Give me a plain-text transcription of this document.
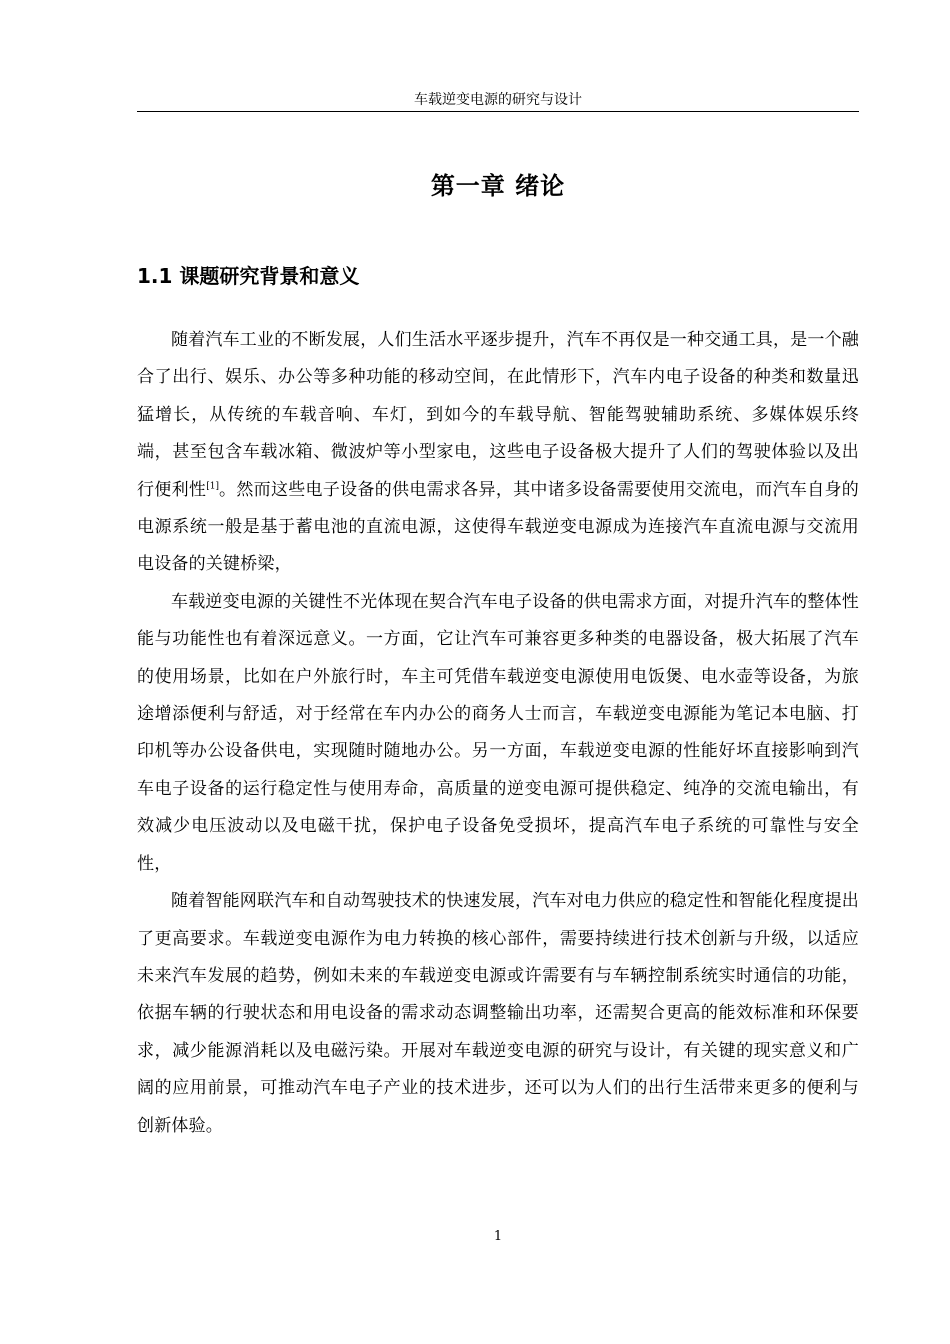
车载逆变电源的研究与设计
第一章 绪论
1.1 课题研究背景和意义

随着汽车工业的不断发展，人们生活水平逐步提升，汽车不再仅是一种交通工具，是一个融合了出行、娱乐、办公等多种功能的移动空间，在此情形下，汽车内电子设备的种类和数量迅猛增长，从传统的车载音响、车灯，到如今的车载导航、智能驾驶辅助系统、多媒体娱乐终端，甚至包含车载冰箱、微波炉等小型家电，这些电子设备极大提升了人们的驾驶体验以及出行便利性[1]。然而这些电子设备的供电需求各异，其中诸多设备需要使用交流电，而汽车自身的电源系统一般是基于蓄电池的直流电源，这使得车载逆变电源成为连接汽车直流电源与交流用电设备的关键桥梁，

车载逆变电源的关键性不光体现在契合汽车电子设备的供电需求方面，对提升汽车的整体性能与功能性也有着深远意义。一方面，它让汽车可兼容更多种类的电器设备，极大拓展了汽车的使用场景，比如在户外旅行时，车主可凭借车载逆变电源使用电饭煲、电水壶等设备，为旅途增添便利与舒适，对于经常在车内办公的商务人士而言，车载逆变电源能为笔记本电脑、打印机等办公设备供电，实现随时随地办公。另一方面，车载逆变电源的性能好坏直接影响到汽车电子设备的运行稳定性与使用寿命，高质量的逆变电源可提供稳定、纯净的交流电输出，有效减少电压波动以及电磁干扰，保护电子设备免受损坏，提高汽车电子系统的可靠性与安全性，

随着智能网联汽车和自动驾驶技术的快速发展，汽车对电力供应的稳定性和智能化程度提出了更高要求。车载逆变电源作为电力转换的核心部件，需要持续进行技术创新与升级，以适应未来汽车发展的趋势，例如未来的车载逆变电源或许需要有与车辆控制系统实时通信的功能，依据车辆的行驶状态和用电设备的需求动态调整输出功率，还需契合更高的能效标准和环保要求，减少能源消耗以及电磁污染。开展对车载逆变电源的研究与设计，有关键的现实意义和广阔的应用前景，可推动汽车电子产业的技术进步，还可以为人们的出行生活带来更多的便利与创新体验。

1
